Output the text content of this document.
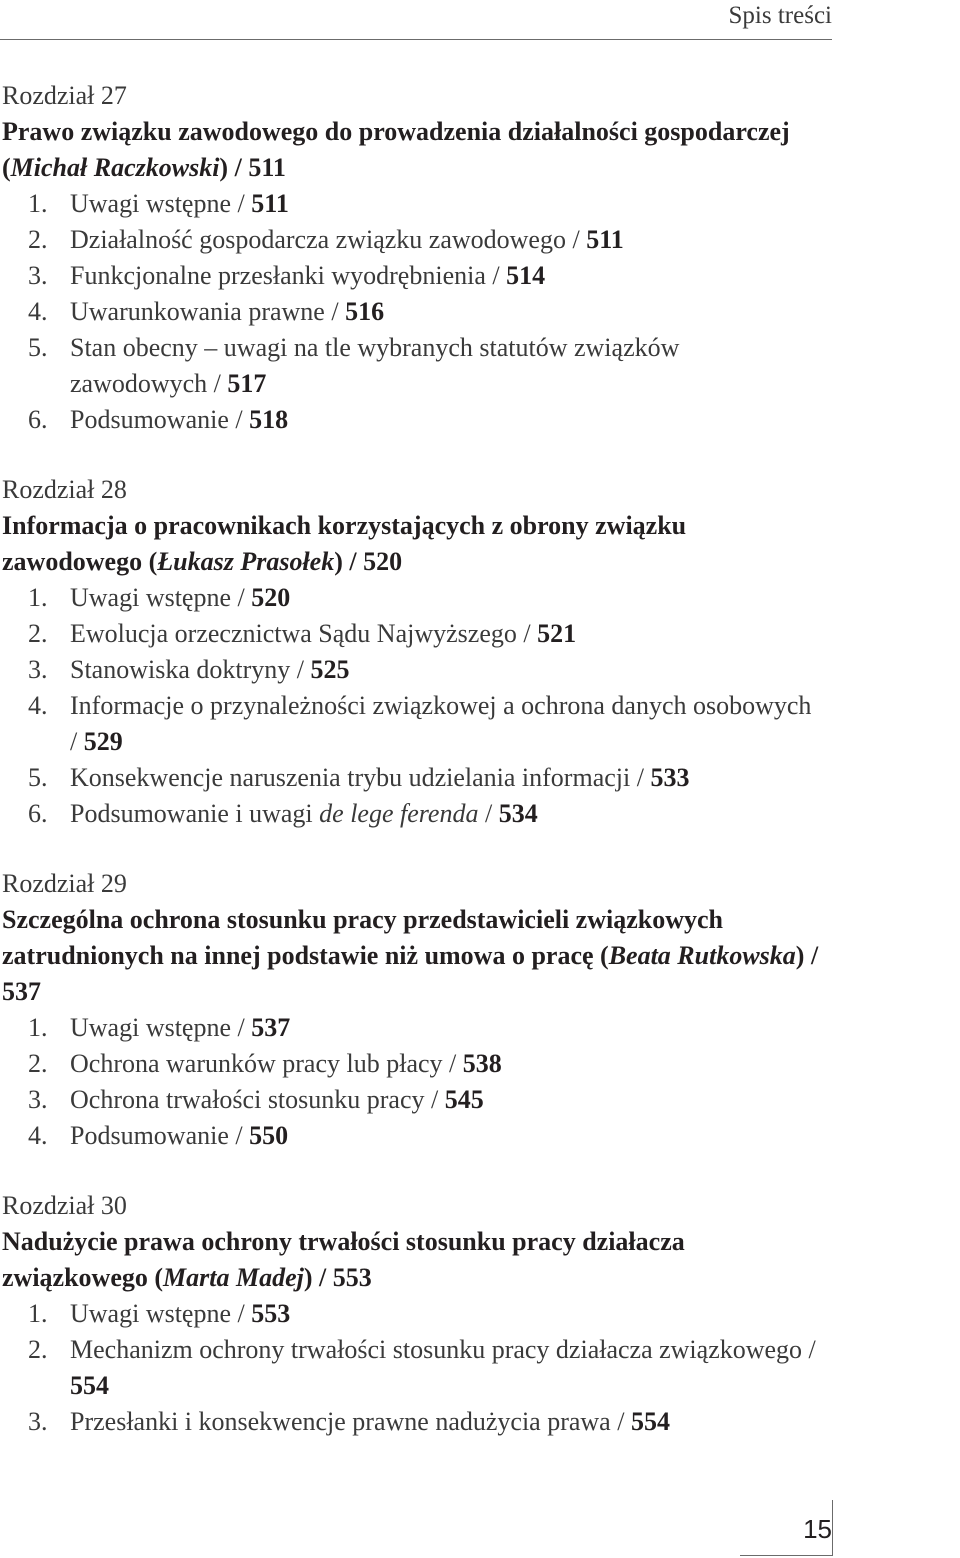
Spis treści
Rozdział 27
Prawo związku zawodowego do prowadzenia działalności gospodarczej (Michał Raczkowski) / 511
1. Uwagi wstępne / 511
2. Działalność gospodarcza związku zawodowego / 511
3. Funkcjonalne przesłanki wyodrębnienia / 514
4. Uwarunkowania prawne / 516
5. Stan obecny – uwagi na tle wybranych statutów związków zawodowych / 517
6. Podsumowanie / 518
Rozdział 28
Informacja o pracownikach korzystających z obrony związku zawodowego (Łukasz Prasołek) / 520
1. Uwagi wstępne / 520
2. Ewolucja orzecznictwa Sądu Najwyższego / 521
3. Stanowiska doktryny / 525
4. Informacje o przynależności związkowej a ochrona danych osobowych / 529
5. Konsekwencje naruszenia trybu udzielania informacji / 533
6. Podsumowanie i uwagi de lege ferenda / 534
Rozdział 29
Szczególna ochrona stosunku pracy przedstawicieli związkowych zatrudnionych na innej podstawie niż umowa o pracę (Beata Rutkowska) / 537
1. Uwagi wstępne / 537
2. Ochrona warunków pracy lub płacy / 538
3. Ochrona trwałości stosunku pracy / 545
4. Podsumowanie / 550
Rozdział 30
Nadużycie prawa ochrony trwałości stosunku pracy działacza związkowego (Marta Madej) / 553
1. Uwagi wstępne / 553
2. Mechanizm ochrony trwałości stosunku pracy działacza związkowego / 554
3. Przesłanki i konsekwencje prawne nadużycia prawa / 554
15
